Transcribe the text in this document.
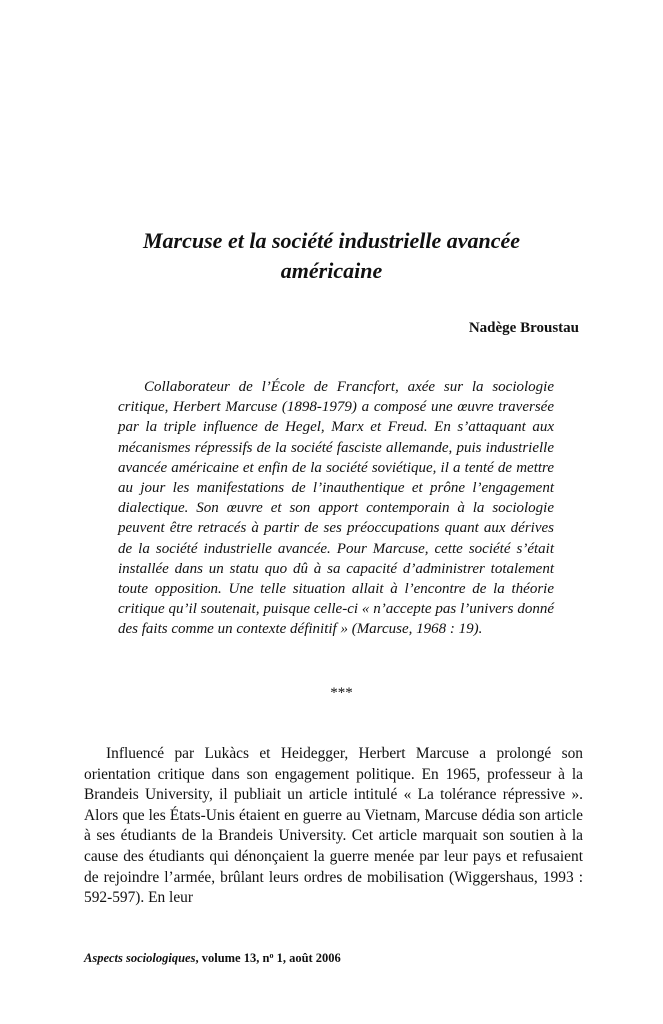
Marcuse et la société industrielle avancée américaine
Nadège Broustau

Collaborateur de l’École de Francfort, axée sur la sociologie critique, Herbert Marcuse (1898-1979) a composé une œuvre traversée par la triple influence de Hegel, Marx et Freud. En s’attaquant aux mécanismes répressifs de la société fasciste allemande, puis industrielle avancée américaine et enfin de la société soviétique, il a tenté de mettre au jour les manifestations de l’inauthentique et prône l’engagement dialectique. Son œuvre et son apport contemporain à la sociologie peuvent être retracés à partir de ses préoccupations quant aux dérives de la société industrielle avancée. Pour Marcuse, cette société s’était installée dans un statu quo dû à sa capacité d’administrer totalement toute opposition. Une telle situation allait à l’encontre de la théorie critique qu’il soutenait, puisque celle-ci « n’accepte pas l’univers donné des faits comme un contexte définitif » (Marcuse, 1968 : 19).

***

Influencé par Lukàcs et Heidegger, Herbert Marcuse a prolongé son orientation critique dans son engagement politique. En 1965, professeur à la Brandeis University, il publiait un article intitulé « La tolérance répressive ». Alors que les États-Unis étaient en guerre au Vietnam, Marcuse dédia son article à ses étudiants de la Brandeis University. Cet article marquait son soutien à la cause des étudiants qui dénonçaient la guerre menée par leur pays et refusaient de rejoindre l’armée, brûlant leurs ordres de mobilisation (Wiggershaus, 1993 : 592-597). En leur

Aspects sociologiques, volume 13, $n^o$ 1, août 2006
